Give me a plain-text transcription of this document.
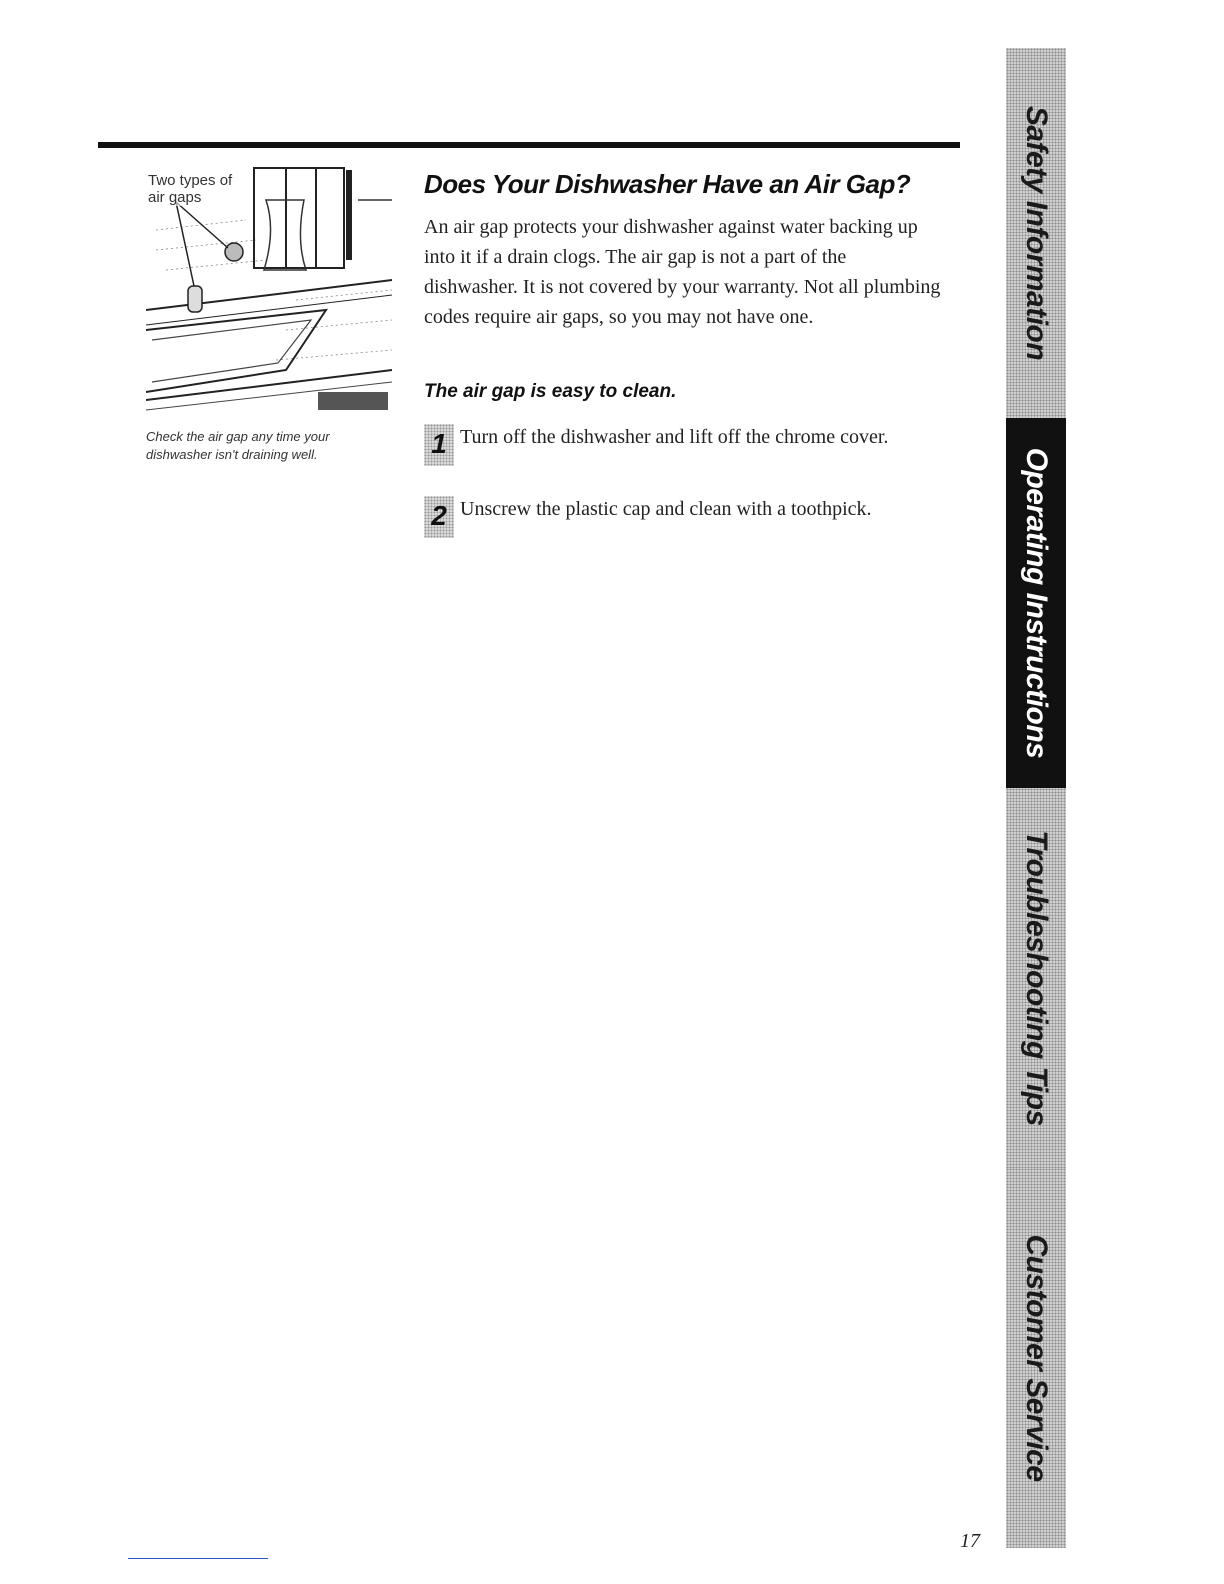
Two types of air gaps
Check the air gap any time your dishwasher isn't draining well.
Does Your Dishwasher Have an Air Gap?

An air gap protects your dishwasher against water backing up into it if a drain clogs. The air gap is not a part of the dishwasher. It is not covered by your warranty. Not all plumbing codes require air gaps, so you may not have one.

The air gap is easy to clean.
1 Turn off the dishwasher and lift off the chrome cover.
2 Unscrew the plastic cap and clean with a toothpick.
17
Safety Information
Operating Instructions
Troubleshooting Tips
Customer Service
